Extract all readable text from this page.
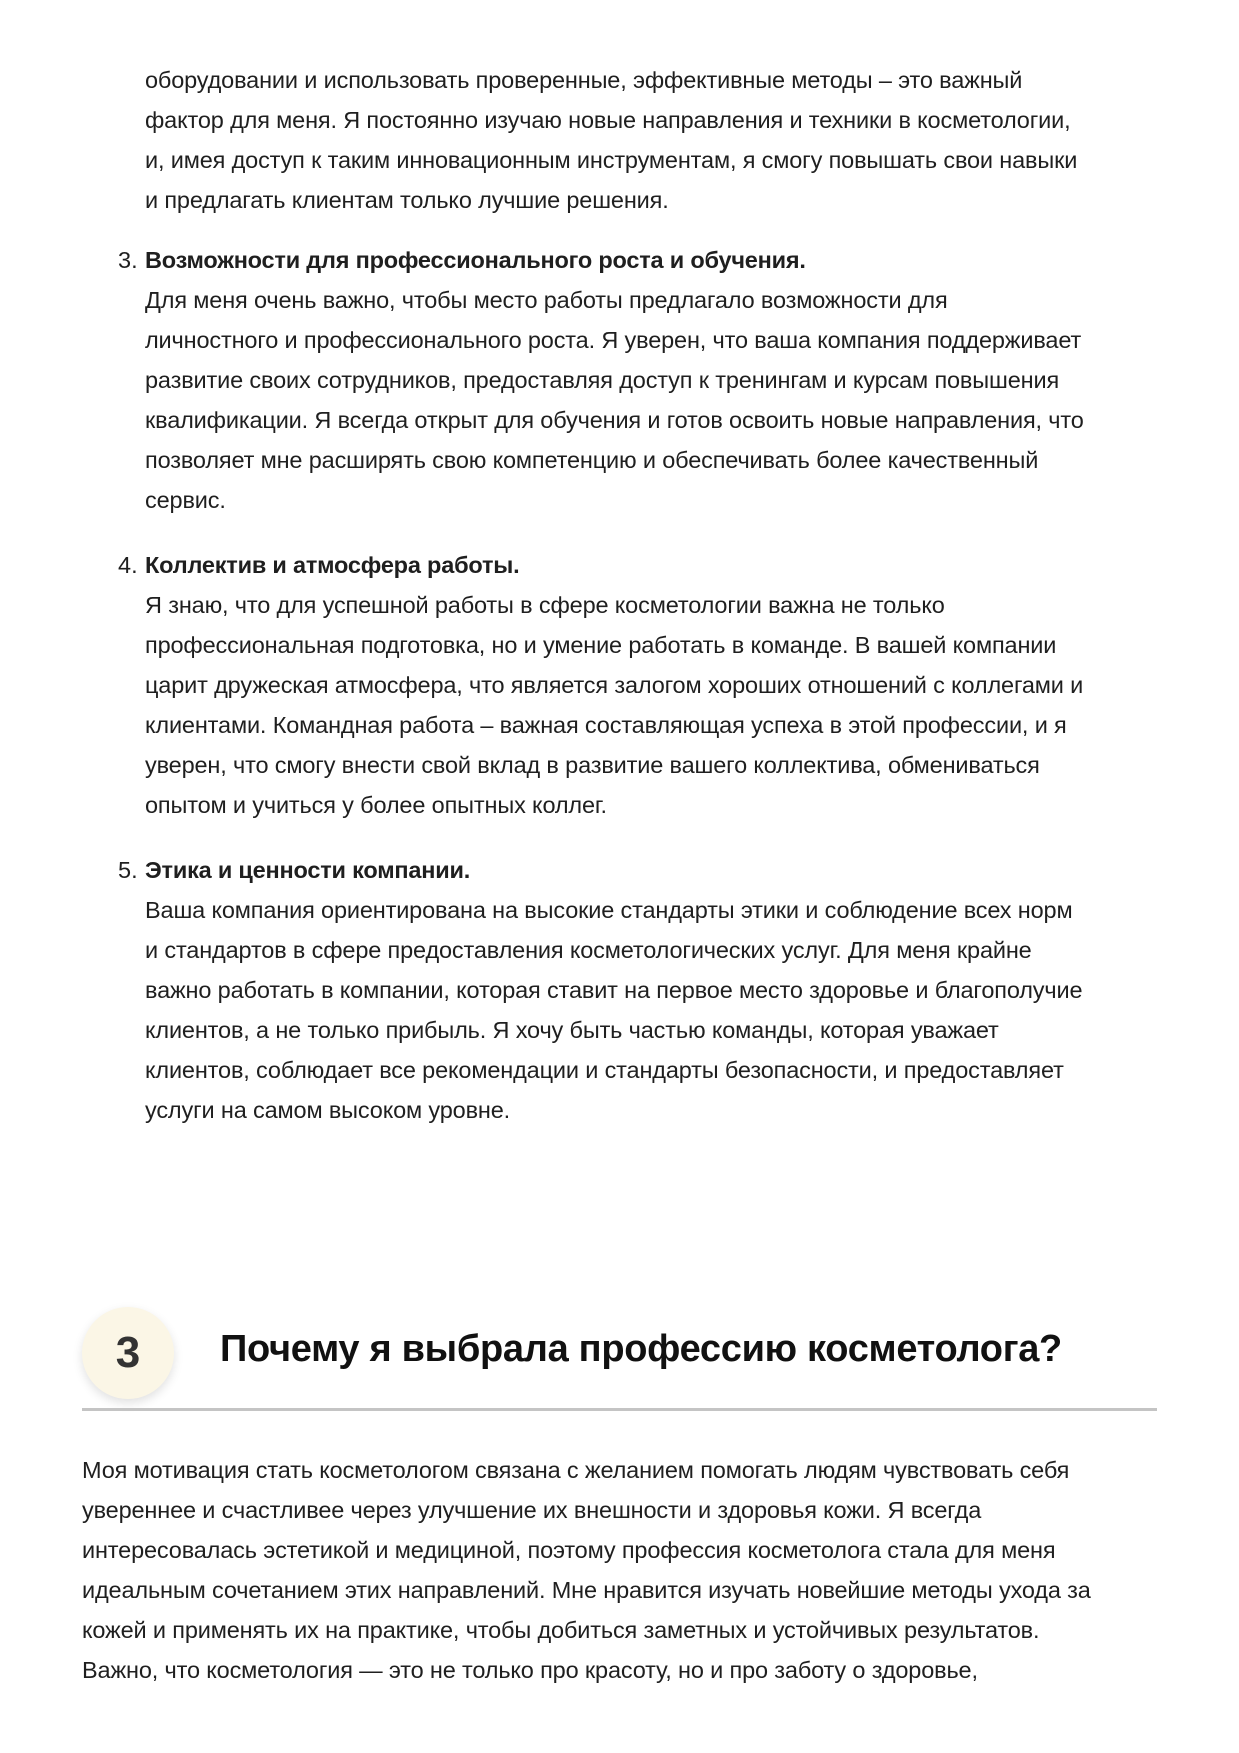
оборудовании и использовать проверенные, эффективные методы – это важный
фактор для меня. Я постоянно изучаю новые направления и техники в косметологии,
и, имея доступ к таким инновационным инструментам, я смогу повышать свои навыки
и предлагать клиентам только лучшие решения.
3. Возможности для профессионального роста и обучения.
Для меня очень важно, чтобы место работы предлагало возможности для
личностного и профессионального роста. Я уверен, что ваша компания поддерживает
развитие своих сотрудников, предоставляя доступ к тренингам и курсам повышения
квалификации. Я всегда открыт для обучения и готов освоить новые направления, что
позволяет мне расширять свою компетенцию и обеспечивать более качественный
сервис.
4. Коллектив и атмосфера работы.
Я знаю, что для успешной работы в сфере косметологии важна не только
профессиональная подготовка, но и умение работать в команде. В вашей компании
царит дружеская атмосфера, что является залогом хороших отношений с коллегами и
клиентами. Командная работа – важная составляющая успеха в этой профессии, и я
уверен, что смогу внести свой вклад в развитие вашего коллектива, обмениваться
опытом и учиться у более опытных коллег.
5. Этика и ценности компании.
Ваша компания ориентирована на высокие стандарты этики и соблюдение всех норм
и стандартов в сфере предоставления косметологических услуг. Для меня крайне
важно работать в компании, которая ставит на первое место здоровье и благополучие
клиентов, а не только прибыль. Я хочу быть частью команды, которая уважает
клиентов, соблюдает все рекомендации и стандарты безопасности, и предоставляет
услуги на самом высоком уровне.
3	Почему я выбрала профессию косметолога?
Моя мотивация стать косметологом связана с желанием помогать людям чувствовать себя
увереннее и счастливее через улучшение их внешности и здоровья кожи. Я всегда
интересовалась эстетикой и медициной, поэтому профессия косметолога стала для меня
идеальным сочетанием этих направлений. Мне нравится изучать новейшие методы ухода за
кожей и применять их на практике, чтобы добиться заметных и устойчивых результатов.
Важно, что косметология — это не только про красоту, но и про заботу о здоровье,
